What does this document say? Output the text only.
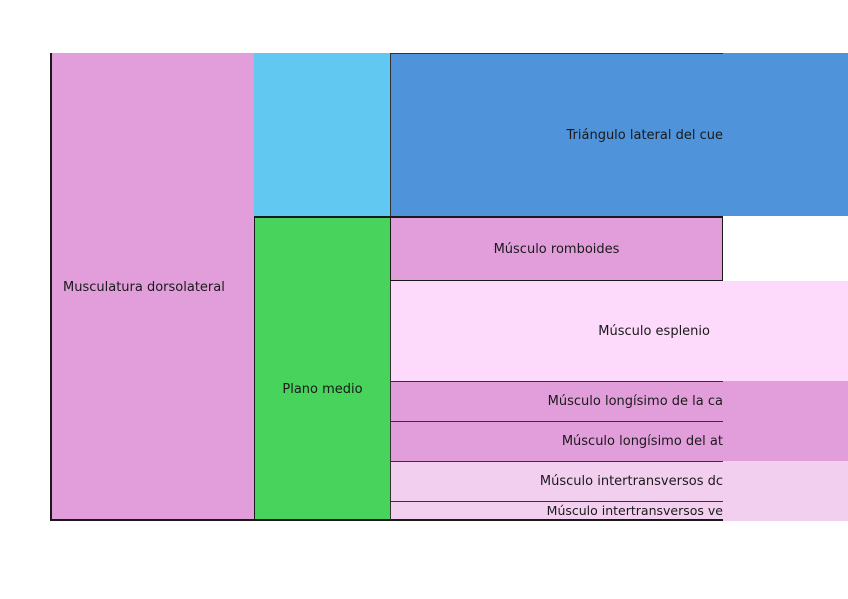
Musculatura dorsolateral
Plano medio
Triángulo lateral del cue
Músculo romboides
Músculo esplenio
Músculo longísimo de la ca
Músculo longísimo del at
Músculo intertransversos dc
Músculo intertransversos ve
